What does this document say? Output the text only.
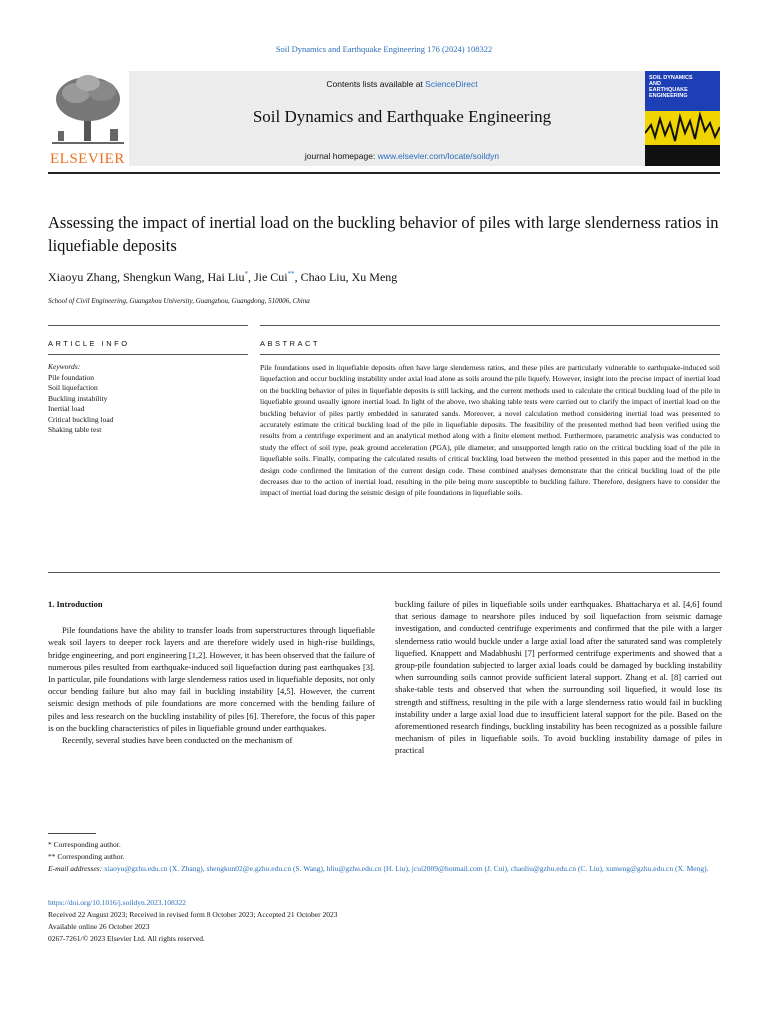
Soil Dynamics and Earthquake Engineering 176 (2024) 108322
ELSEVIER
Contents lists available at ScienceDirect
Soil Dynamics and Earthquake Engineering
journal homepage: www.elsevier.com/locate/soildyn
SOIL DYNAMICS AND EARTHQUAKE ENGINEERING
Assessing the impact of inertial load on the buckling behavior of piles with large slenderness ratios in liquefiable deposits
Xiaoyu Zhang, Shengkun Wang, Hai Liu*, Jie Cui**, Chao Liu, Xu Meng
School of Civil Engineering, Guangzhou University, Guangzhou, Guangdong, 510006, China
ARTICLE INFO	ABSTRACT
Keywords:
Pile foundation
Soil liquefaction
Buckling instability
Inertial load
Critical buckling load
Shaking table test
Pile foundations used in liquefiable deposits often have large slenderness ratios, and these piles are particularly vulnerable to earthquake-induced soil liquefaction and occur buckling instability under axial load alone as soils around the pile liquefy. However, insight into the precise impact of inertial load on the buckling behavior of piles in liquefiable deposits is still lacking, and the current methods used to calculate the critical buckling load of the pile in liquefiable ground usually ignore inertial load. In light of the above, two shaking table tests were carried out to clarify the impact of inertial load on the buckling behavior of piles partly embedded in saturated sands. Moreover, a novel calculation method considering inertial load was presented to accurately estimate the critical buckling load of the pile in liquefiable deposits. The feasibility of the presented method had been verified using the results from a centrifuge experiment and an analytical method along with a finite element method. Furthermore, parametric analysis was conducted to study the effect of soil type, peak ground acceleration (PGA), pile diameter, and unsupported length ratio on the critical buckling load of the pile in liquefiable soils. Finally, comparing the calculated results of critical buckling load between the method presented in this paper and the method in the design code confirmed the limitation of the current design code. These combined analyses demonstrate that the critical buckling load of the pile decreases due to the action of inertial load, resulting in the pile being more susceptible to buckling failure. Therefore, designers have to consider the impact of inertial load during the seismic design of pile foundations in liquefiable soils.
1. Introduction

Pile foundations have the ability to transfer loads from superstructures through liquefiable weak soil layers to deeper rock layers and are therefore widely used in high-rise buildings, bridge engineering, and port engineering [1,2]. However, it has been observed that the failure of numerous piles resulted from earthquake-induced soil liquefaction during past earthquakes [3]. In particular, pile foundations with large slenderness ratios used in liquefiable deposits, not only occur bending failure but also may fail in buckling instability [4,5]. However, the current seismic design methods of pile foundations are more concerned with the bending failure of piles and less research on the buckling instability of piles [6]. Therefore, the focus of this paper is on the buckling characteristics of piles in liquefiable ground under earthquakes.

Recently, several studies have been conducted on the mechanism of

buckling failure of piles in liquefiable soils under earthquakes. Bhattacharya et al. [4,6] found that serious damage to nearshore piles induced by soil liquefaction from seismic damage investigation, and conducted centrifuge experiments and confirmed that the pile with a larger slenderness ratio would buckle under a large axial load after the saturated sand was completely liquefied. Knappett and Madabhushi [7] performed centrifuge experiments and showed that a group-pile foundation subjected to larger axial loads could be damaged by buckling instability when surrounding soils cannot provide sufficient lateral support. Zhang et al. [8] carried out shake-table tests and observed that when the surrounding soil liquefied, it would lose its strength and stiffness, resulting in the pile with a large slenderness ratio would fail in buckling instability under a large axial load due to insufficient lateral support for the pile. Based on the aforementioned research findings, buckling instability has been recognized as a possible failure mechanism of piles in liquefiable soils. To avoid buckling instability damage of piles in practical

* Corresponding author.
** Corresponding author.
E-mail addresses: xiaoyu@gzhu.edu.cn (X. Zhang), shengkun02@e.gzhu.edu.cn (S. Wang), hliu@gzhu.edu.cn (H. Liu), jcui2009@hotmail.com (J. Cui), chaoliu@gzhu.edu.cn (C. Liu), xumeng@gzhu.edu.cn (X. Meng).
https://doi.org/10.1016/j.soildyn.2023.108322
Received 22 August 2023; Received in revised form 8 October 2023; Accepted 21 October 2023
Available online 26 October 2023
0267-7261/© 2023 Elsevier Ltd. All rights reserved.
